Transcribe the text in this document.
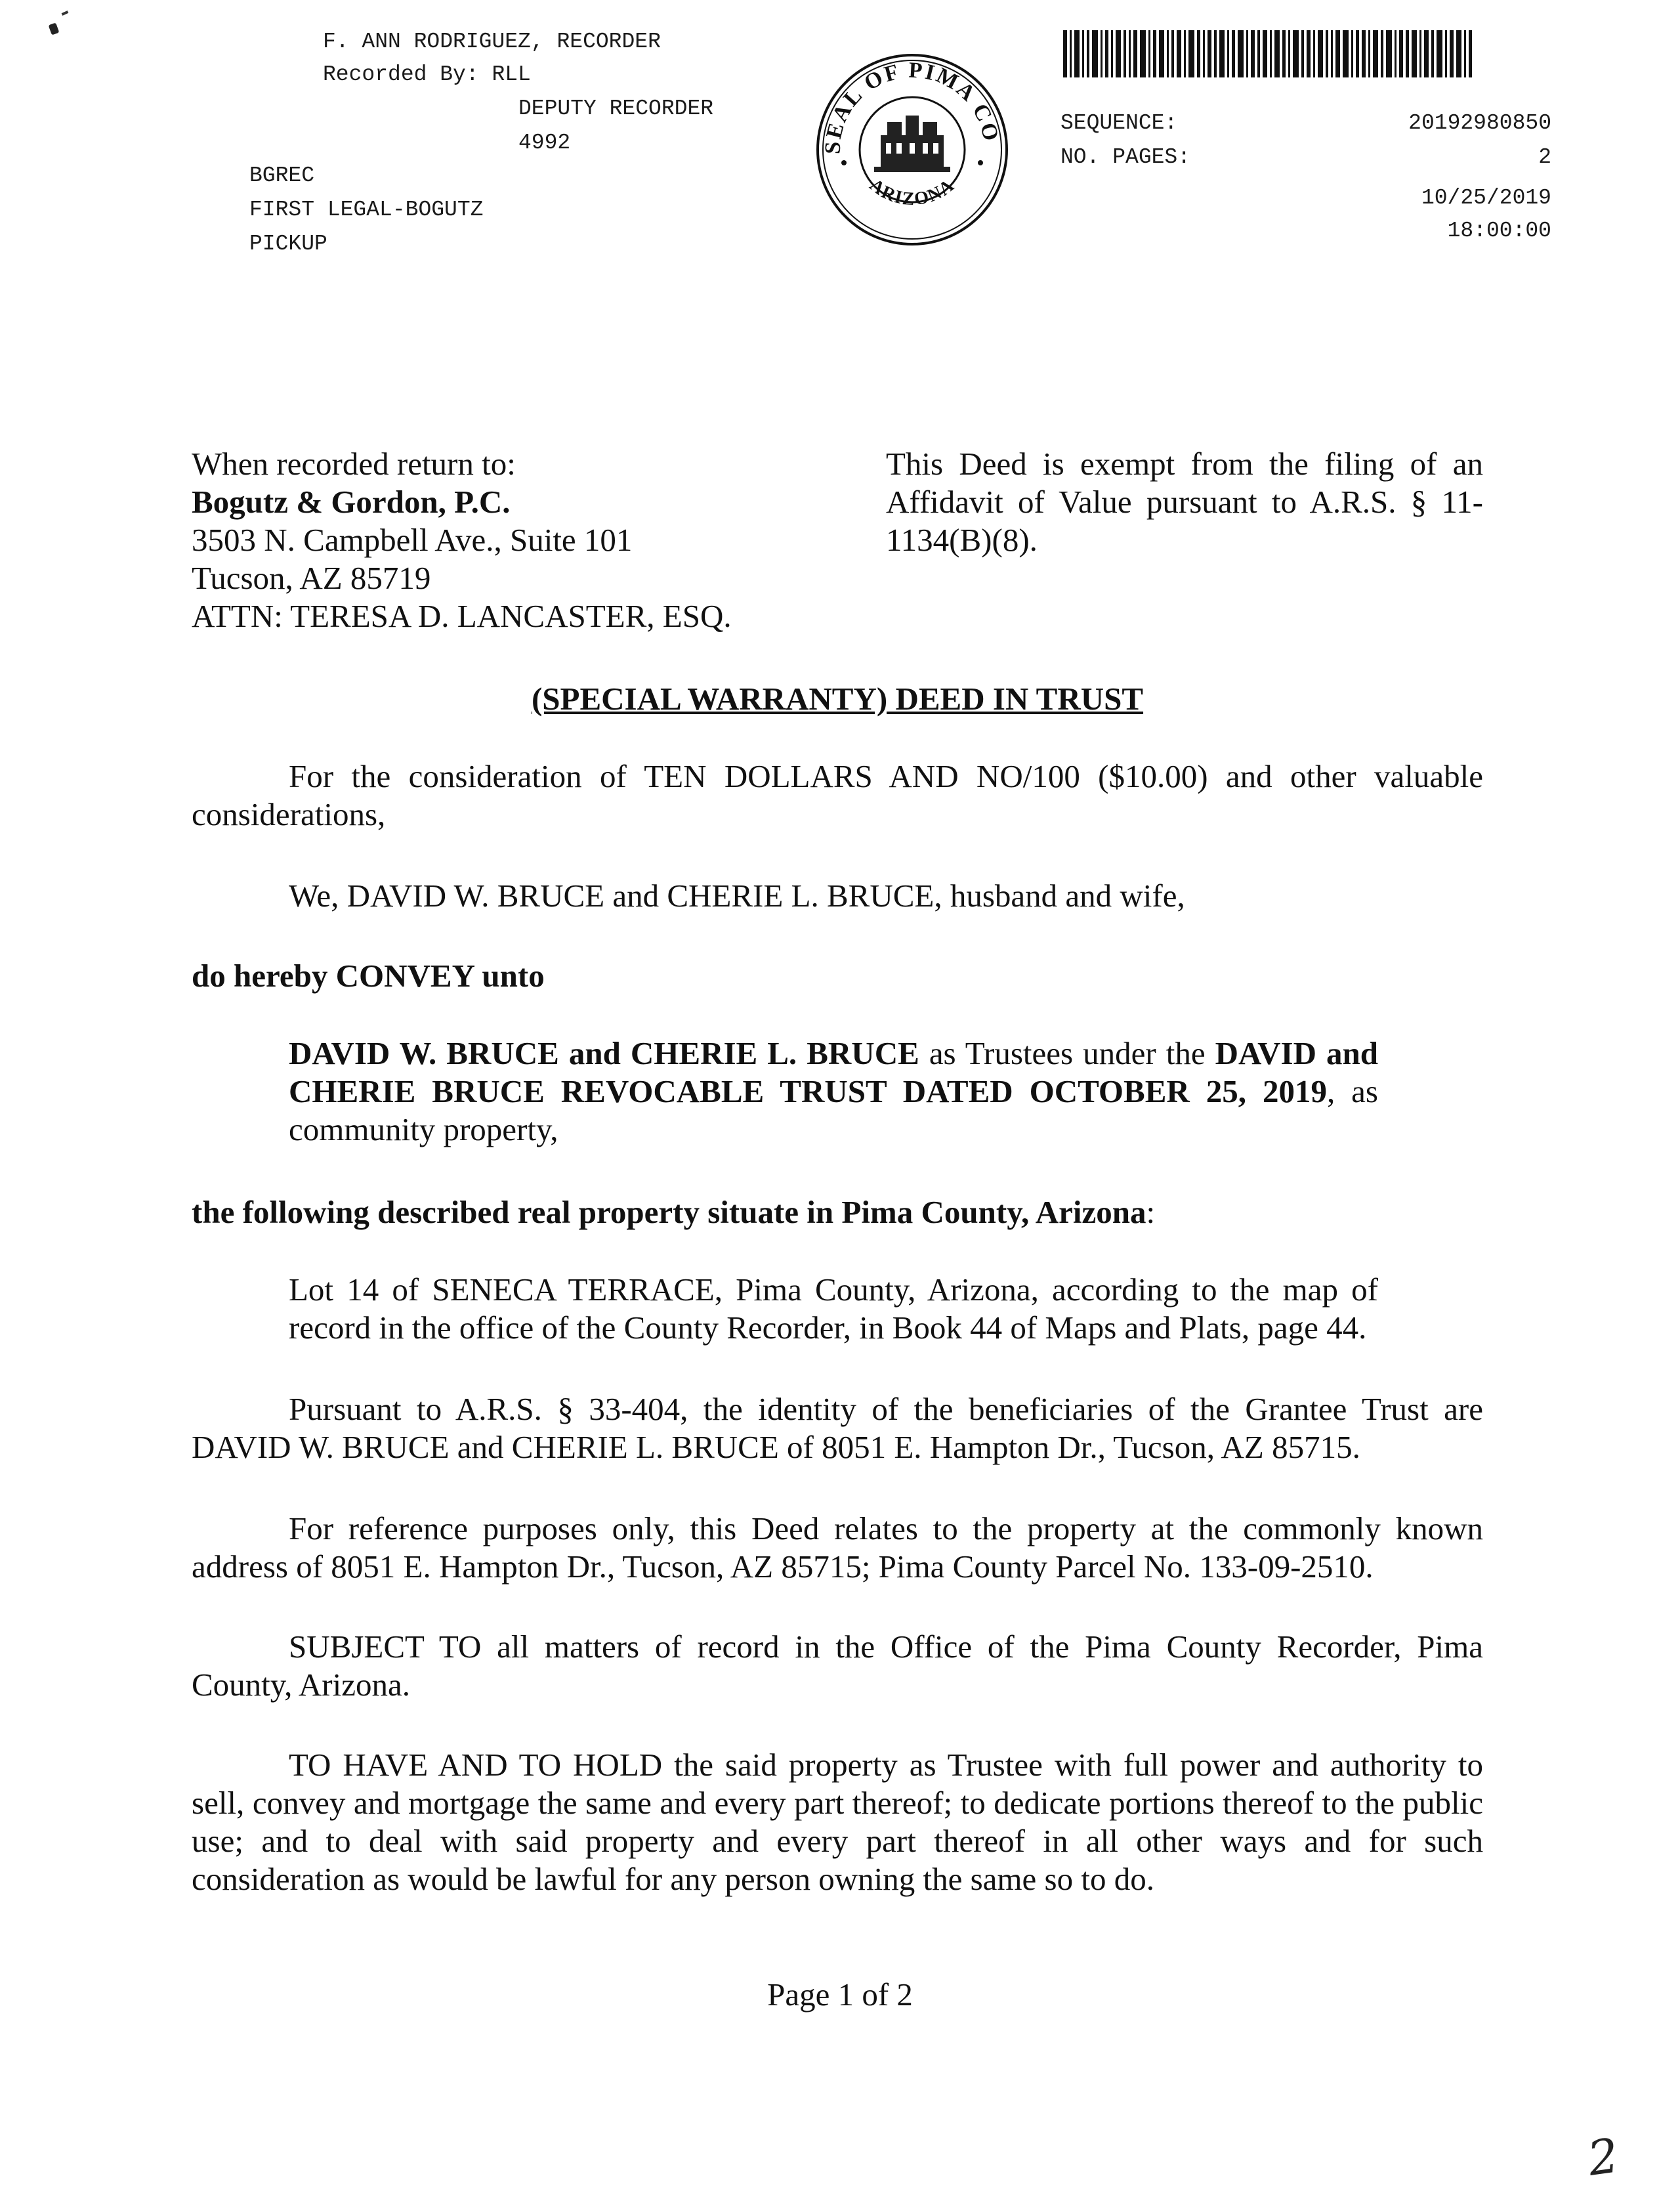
F. ANN RODRIGUEZ, RECORDER
Recorded By: RLL
DEPUTY RECORDER
4992
BGREC
FIRST LEGAL-BOGUTZ
PICKUP
SEAL OF PIMA CO
ARIZONA
SEQUENCE:	20192980850
NO. PAGES:	2
10/25/2019
18:00:00
When recorded return to:
Bogutz & Gordon, P.C.
3503 N. Campbell Ave., Suite 101
Tucson, AZ 85719
ATTN: TERESA D. LANCASTER, ESQ.
This Deed is exempt from the filing of an Affidavit of Value pursuant to A.R.S. § 11-1134(B)(8).
(SPECIAL WARRANTY) DEED IN TRUST
For the consideration of TEN DOLLARS AND NO/100 ($10.00) and other valuable considerations,
We, DAVID W. BRUCE and CHERIE L. BRUCE, husband and wife,
do hereby CONVEY unto
DAVID W. BRUCE and CHERIE L. BRUCE as Trustees under the DAVID and CHERIE BRUCE REVOCABLE TRUST DATED OCTOBER 25, 2019, as community property,
the following described real property situate in Pima County, Arizona:
Lot 14 of SENECA TERRACE, Pima County, Arizona, according to the map of record in the office of the County Recorder, in Book 44 of Maps and Plats, page 44.
Pursuant to A.R.S. § 33-404, the identity of the beneficiaries of the Grantee Trust are DAVID W. BRUCE and CHERIE L. BRUCE of 8051 E. Hampton Dr., Tucson, AZ 85715.
For reference purposes only, this Deed relates to the property at the commonly known address of 8051 E. Hampton Dr., Tucson, AZ 85715; Pima County Parcel No. 133-09-2510.
SUBJECT TO all matters of record in the Office of the Pima County Recorder, Pima County, Arizona.
TO HAVE AND TO HOLD the said property as Trustee with full power and authority to sell, convey and mortgage the same and every part thereof; to dedicate portions thereof to the public use; and to deal with said property and every part thereof in all other ways and for such consideration as would be lawful for any person owning the same so to do.
Page 1 of 2
2
